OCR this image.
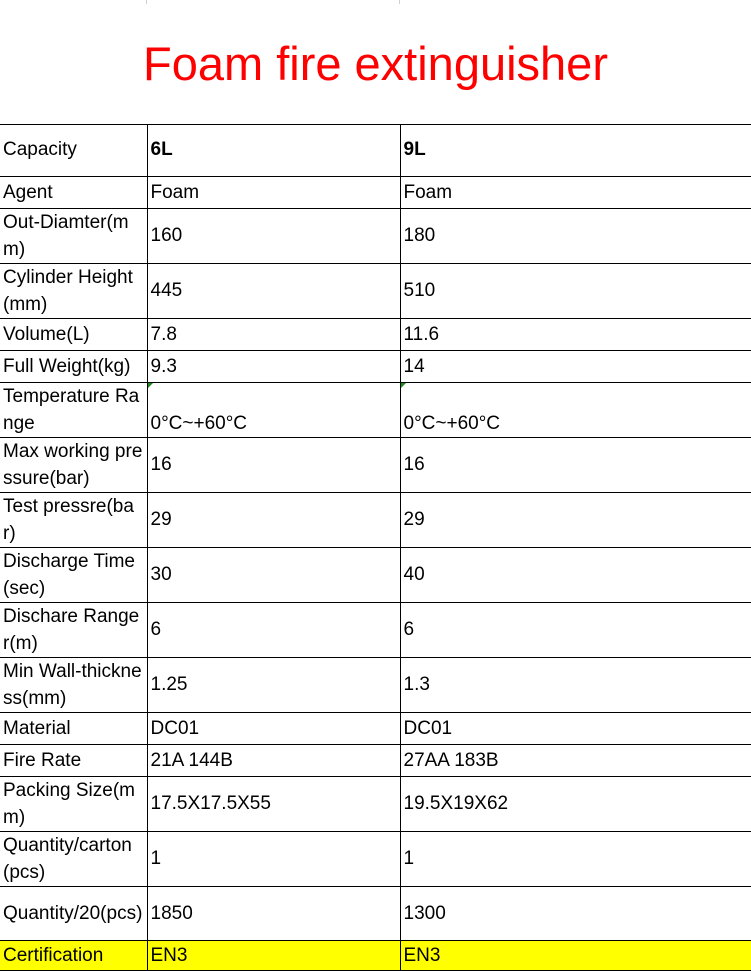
Foam fire extinguisher
Capacity	6L	9L
Agent	Foam	Foam
Out-Diamter(mm)	160	180
Cylinder Height(mm)	445	510
Volume(L)	7.8	11.6
Full Weight(kg)	9.3	14
Temperature Range	0°C~+60°C	0°C~+60°C
Max working pressure(bar)	16	16
Test pressre(bar)	29	29
Discharge Time(sec)	30	40
Dischare Ranger(m)	6	6
Min Wall-thickness(mm)	1.25	1.3
Material	DC01	DC01
Fire Rate	21A 144B	27AA 183B
Packing Size(mm)	17.5X17.5X55	19.5X19X62
Quantity/carton(pcs)	1	1
Quantity/20(pcs)	1850	1300
Certification	EN3	EN3
